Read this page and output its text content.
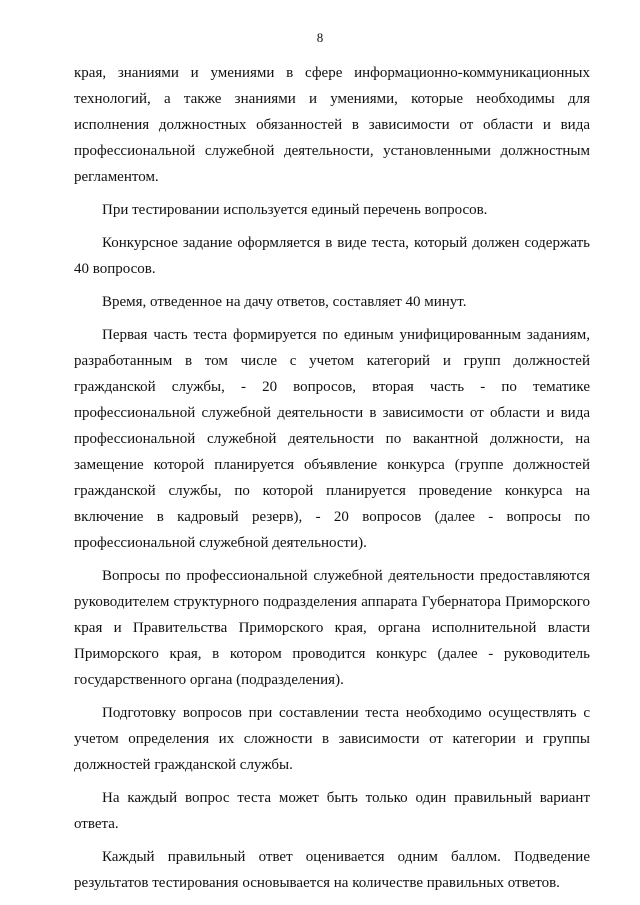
8

края, знаниями и умениями в сфере информационно-коммуникационных технологий, а также знаниями и умениями, которые необходимы для исполнения должностных обязанностей в зависимости от области и вида профессиональной служебной деятельности, установленными должностным регламентом.

При тестировании используется единый перечень вопросов.

Конкурсное задание оформляется в виде теста, который должен содержать 40 вопросов.

Время, отведенное на дачу ответов, составляет 40 минут.

Первая часть теста формируется по единым унифицированным заданиям, разработанным в том числе с учетом категорий и групп должностей гражданской службы, - 20 вопросов, вторая часть - по тематике профессиональной служебной деятельности в зависимости от области и вида профессиональной служебной деятельности по вакантной должности, на замещение которой планируется объявление конкурса (группе должностей гражданской службы, по которой планируется проведение конкурса на включение в кадровый резерв), - 20 вопросов (далее - вопросы по профессиональной служебной деятельности).

Вопросы по профессиональной служебной деятельности предоставляются руководителем структурного подразделения аппарата Губернатора Приморского края и Правительства Приморского края, органа исполнительной власти Приморского края, в котором проводится конкурс (далее - руководитель государственного органа (подразделения).

Подготовку вопросов при составлении теста необходимо осуществлять с учетом определения их сложности в зависимости от категории и группы должностей гражданской службы.

На каждый вопрос теста может быть только один правильный вариант ответа.

Каждый правильный ответ оценивается одним баллом. Подведение результатов тестирования основывается на количестве правильных ответов.
